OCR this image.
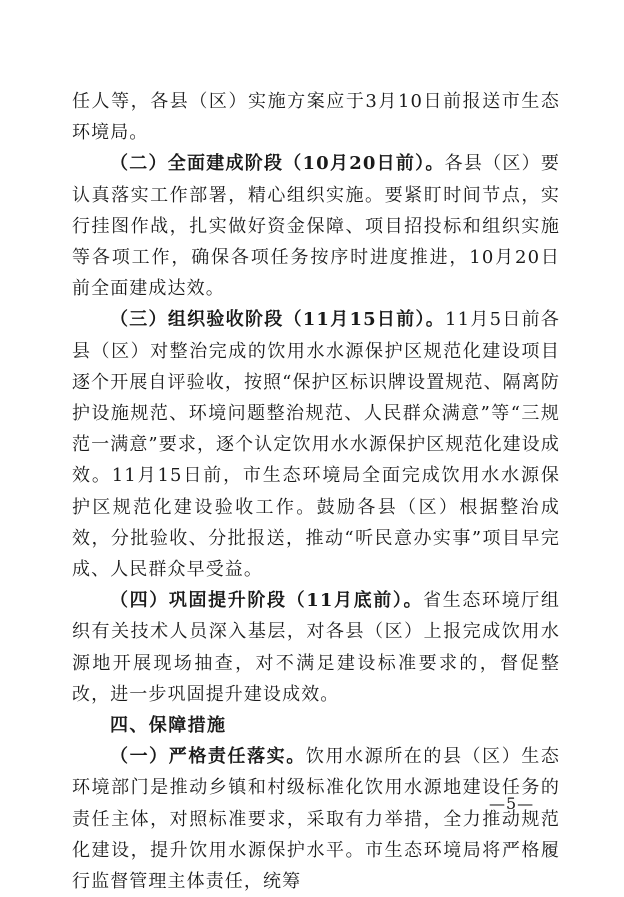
任人等，各县（区）实施方案应于3月10日前报送市生态环境局。

（二）全面建成阶段（10月20日前）。各县（区）要认真落实工作部署，精心组织实施。要紧盯时间节点，实行挂图作战，扎实做好资金保障、项目招投标和组织实施等各项工作，确保各项任务按序时进度推进，10月20日前全面建成达效。

（三）组织验收阶段（11月15日前）。11月5日前各县（区）对整治完成的饮用水水源保护区规范化建设项目逐个开展自评验收，按照“保护区标识牌设置规范、隔离防护设施规范、环境问题整治规范、人民群众满意”等“三规范一满意”要求，逐个认定饮用水水源保护区规范化建设成效。11月15日前，市生态环境局全面完成饮用水水源保护区规范化建设验收工作。鼓励各县（区）根据整治成效，分批验收、分批报送，推动“听民意办实事”项目早完成、人民群众早受益。

（四）巩固提升阶段（11月底前）。省生态环境厅组织有关技术人员深入基层，对各县（区）上报完成饮用水源地开展现场抽查，对不满足建设标准要求的，督促整改，进一步巩固提升建设成效。

四、保障措施

（一）严格责任落实。饮用水源所在的县（区）生态环境部门是推动乡镇和村级标准化饮用水源地建设任务的责任主体，对照标准要求，采取有力举措，全力推动规范化建设，提升饮用水源保护水平。市生态环境局将严格履行监督管理主体责任，统筹

—5—
